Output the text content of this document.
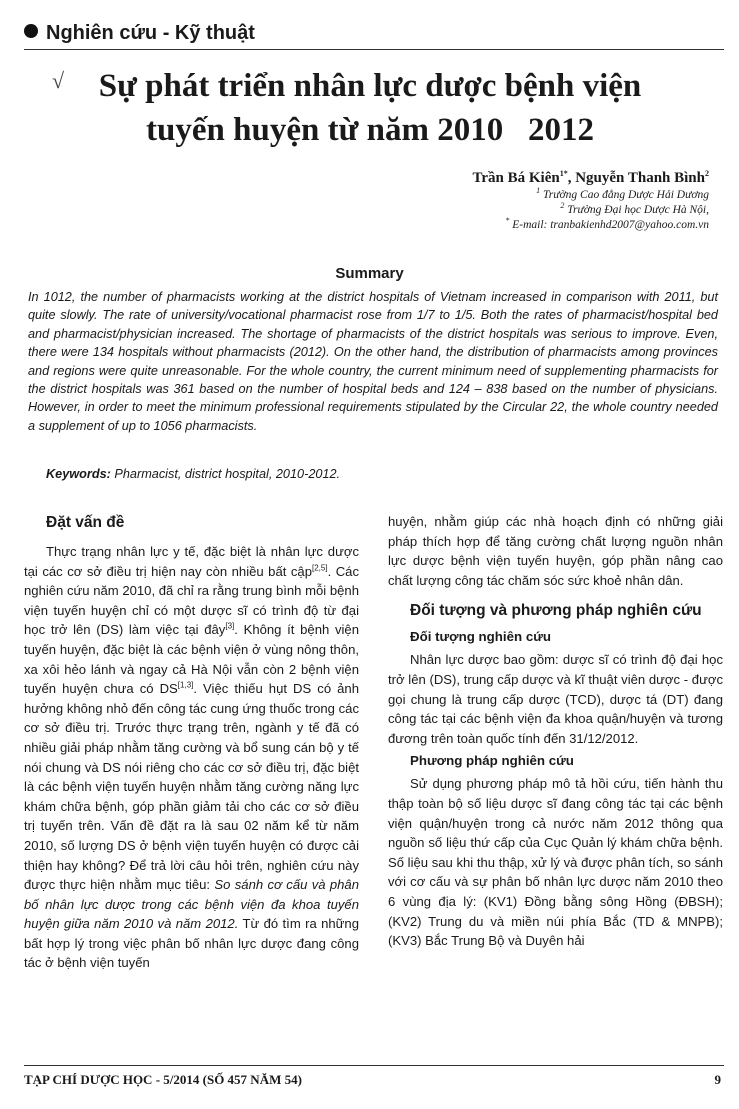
Nghiên cứu - Kỹ thuật
√	Sự phát triển nhân lực dược bệnh viện
tuyến huyện từ năm 2010   2012
Trần Bá Kiên$^{1*}$, Nguyễn Thanh Bình$^2$
$^1$ Trường Cao đẳng Dược Hải Dương
$^2$ Trường Đại học Dược Hà Nội,
* E-mail: tranbakienhd2007@yahoo.com.vn
Summary

In 1012, the number of pharmacists working at the district hospitals of Vietnam increased in comparison with 2011, but quite slowly. The rate of university/vocational pharmacist rose from 1/7 to 1/5. Both the rates of pharmacist/hospital bed and pharmacist/physician increased. The shortage of pharmacists of the district hospitals was serious to improve. Even, there were 134 hospitals without pharmacists (2012). On the other hand, the distribution of pharmacists among provinces and regions were quite unreasonable. For the whole country, the current minimum need of supplementing pharmacists for the district hospitals was 361 based on the number of hospital beds and 124 – 838 based on the number of physicians. However, in order to meet the minimum professional requirements stipulated by the Circular 22, the whole country needed a supplement of up to 1056 pharmacists.

Keywords: Pharmacist, district hospital, 2010-2012.
Đặt vấn đề

Thực trạng nhân lực y tế, đặc biệt là nhân lực dược tại các cơ sở điều trị hiện nay còn nhiều bất cập[2,5]. Các nghiên cứu năm 2010, đã chỉ ra rằng trung bình mỗi bệnh viện tuyến huyện chỉ có một dược sĩ có trình độ từ đại học trở lên (DS) làm việc tại đây[3]. Không ít bệnh viện tuyến huyện, đặc biệt là các bệnh viện ở vùng nông thôn, xa xôi hẻo lánh và ngay cả Hà Nội vẫn còn 2 bệnh viện tuyến huyện chưa có DS[1,3]. Việc thiếu hụt DS có ảnh hưởng không nhỏ đến công tác cung ứng thuốc trong các cơ sở điều trị. Trước thực trạng trên, ngành y tế đã có nhiều giải pháp nhằm tăng cường và bổ sung cán bộ y tế nói chung và DS nói riêng cho các cơ sở điều trị, đặc biệt là các bệnh viện tuyến huyện nhằm tăng cường năng lực khám chữa bệnh, góp phần giảm tải cho các cơ sở điều trị tuyến trên. Vấn đề đặt ra là sau 02 năm kể từ năm 2010, số lượng DS ở bệnh viện tuyến huyện có được cải thiện hay không? Để trả lời câu hỏi trên, nghiên cứu này được thực hiện nhằm mục tiêu: So sánh cơ cấu và phân bố nhân lực dược trong các bệnh viện đa khoa tuyến huyện giữa năm 2010 và năm 2012. Từ đó tìm ra những bất hợp lý trong việc phân bố nhân lực dược đang công tác ở bệnh viện tuyến

huyện, nhằm giúp các nhà hoạch định có những giải pháp thích hợp để tăng cường chất lượng nguồn nhân lực dược bệnh viện tuyến huyện, góp phần nâng cao chất lượng công tác chăm sóc sức khoẻ nhân dân.

Đối tượng và phương pháp nghiên cứu
Đối tượng nghiên cứu

Nhân lực dược bao gồm: dược sĩ có trình độ đại học trở lên (DS), trung cấp dược và kĩ thuật viên dược - được gọi chung là trung cấp dược (TCD), dược tá (DT) đang công tác tại các bệnh viện đa khoa quận/huyện và tương đương trên toàn quốc tính đến 31/12/2012.

Phương pháp nghiên cứu

Sử dụng phương pháp mô tả hồi cứu, tiến hành thu thập toàn bộ số liệu dược sĩ đang công tác tại các bệnh viện quận/huyện trong cả nước năm 2012 thông qua nguồn số liệu thứ cấp của Cục Quản lý khám chữa bệnh. Số liệu sau khi thu thập, xử lý và được phân tích, so sánh với cơ cấu và sự phân bố nhân lực dược năm 2010 theo 6 vùng địa lý: (KV1) Đồng bằng sông Hồng (ĐBSH); (KV2) Trung du và miền núi phía Bắc (TD & MNPB); (KV3) Bắc Trung Bộ và Duyên hải

TẠP CHÍ DƯỢC HỌC - 5/2014 (SỐ 457 NĂM 54)	9
